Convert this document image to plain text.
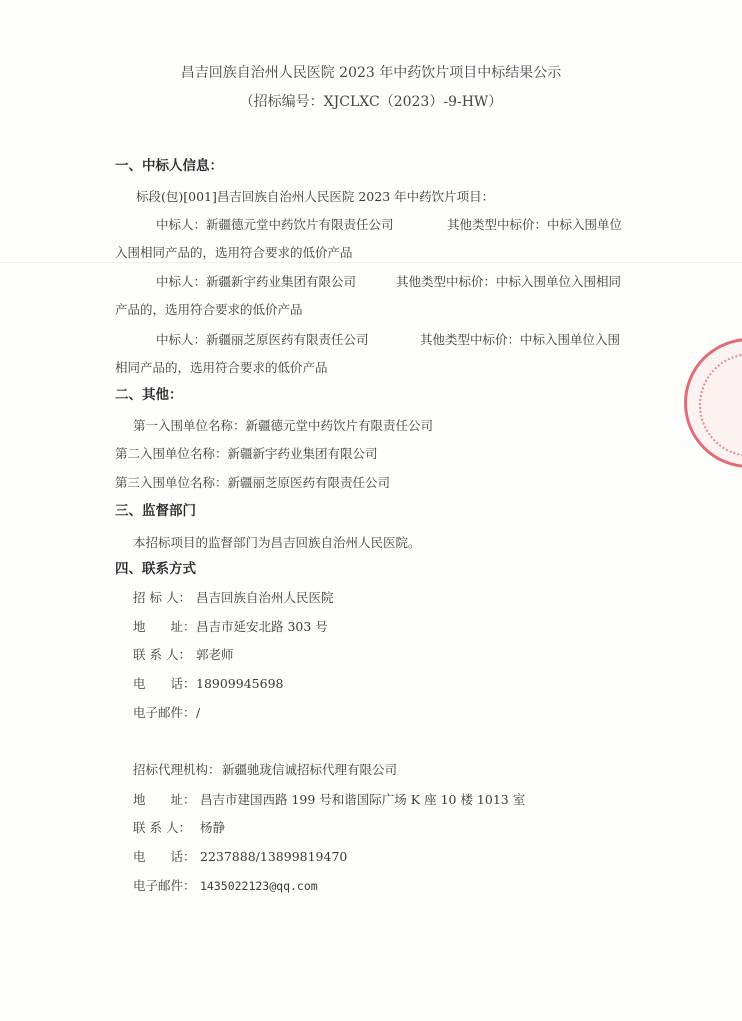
昌吉回族自治州人民医院 2023 年中药饮片项目中标结果公示
（招标编号：XJCLXC（2023）-9-HW）
一、中标人信息：
标段(包)[001]昌吉回族自治州人民医院 2023 年中药饮片项目：
中标人：新疆德元堂中药饮片有限责任公司	其他类型中标价：中标入围单位
入围相同产品的，选用符合要求的低价产品
中标人：新疆新宇药业集团有限公司	其他类型中标价：中标入围单位入围相同
产品的，选用符合要求的低价产品
中标人：新疆丽芝原医药有限责任公司	其他类型中标价：中标入围单位入围
相同产品的，选用符合要求的低价产品
二、其他：
第一入围单位名称：新疆德元堂中药饮片有限责任公司
第二入围单位名称：新疆新宇药业集团有限公司
第三入围单位名称：新疆丽芝原医药有限责任公司
三、监督部门
本招标项目的监督部门为昌吉回族自治州人民医院。
四、联系方式
招 标 人： 昌吉回族自治州人民医院
地　　址： 昌吉市延安北路 303 号
联 系 人： 郭老师
电　　话： 18909945698
电子邮件： /
招标代理机构： 新疆驰珑信诚招标代理有限公司
地　　址： 昌吉市建国西路 199 号和谐国际广场 K 座 10 楼 1013 室
联 系 人： 杨静
电　　话： 2237888/13899819470
电子邮件： 1435022123@qq.com
